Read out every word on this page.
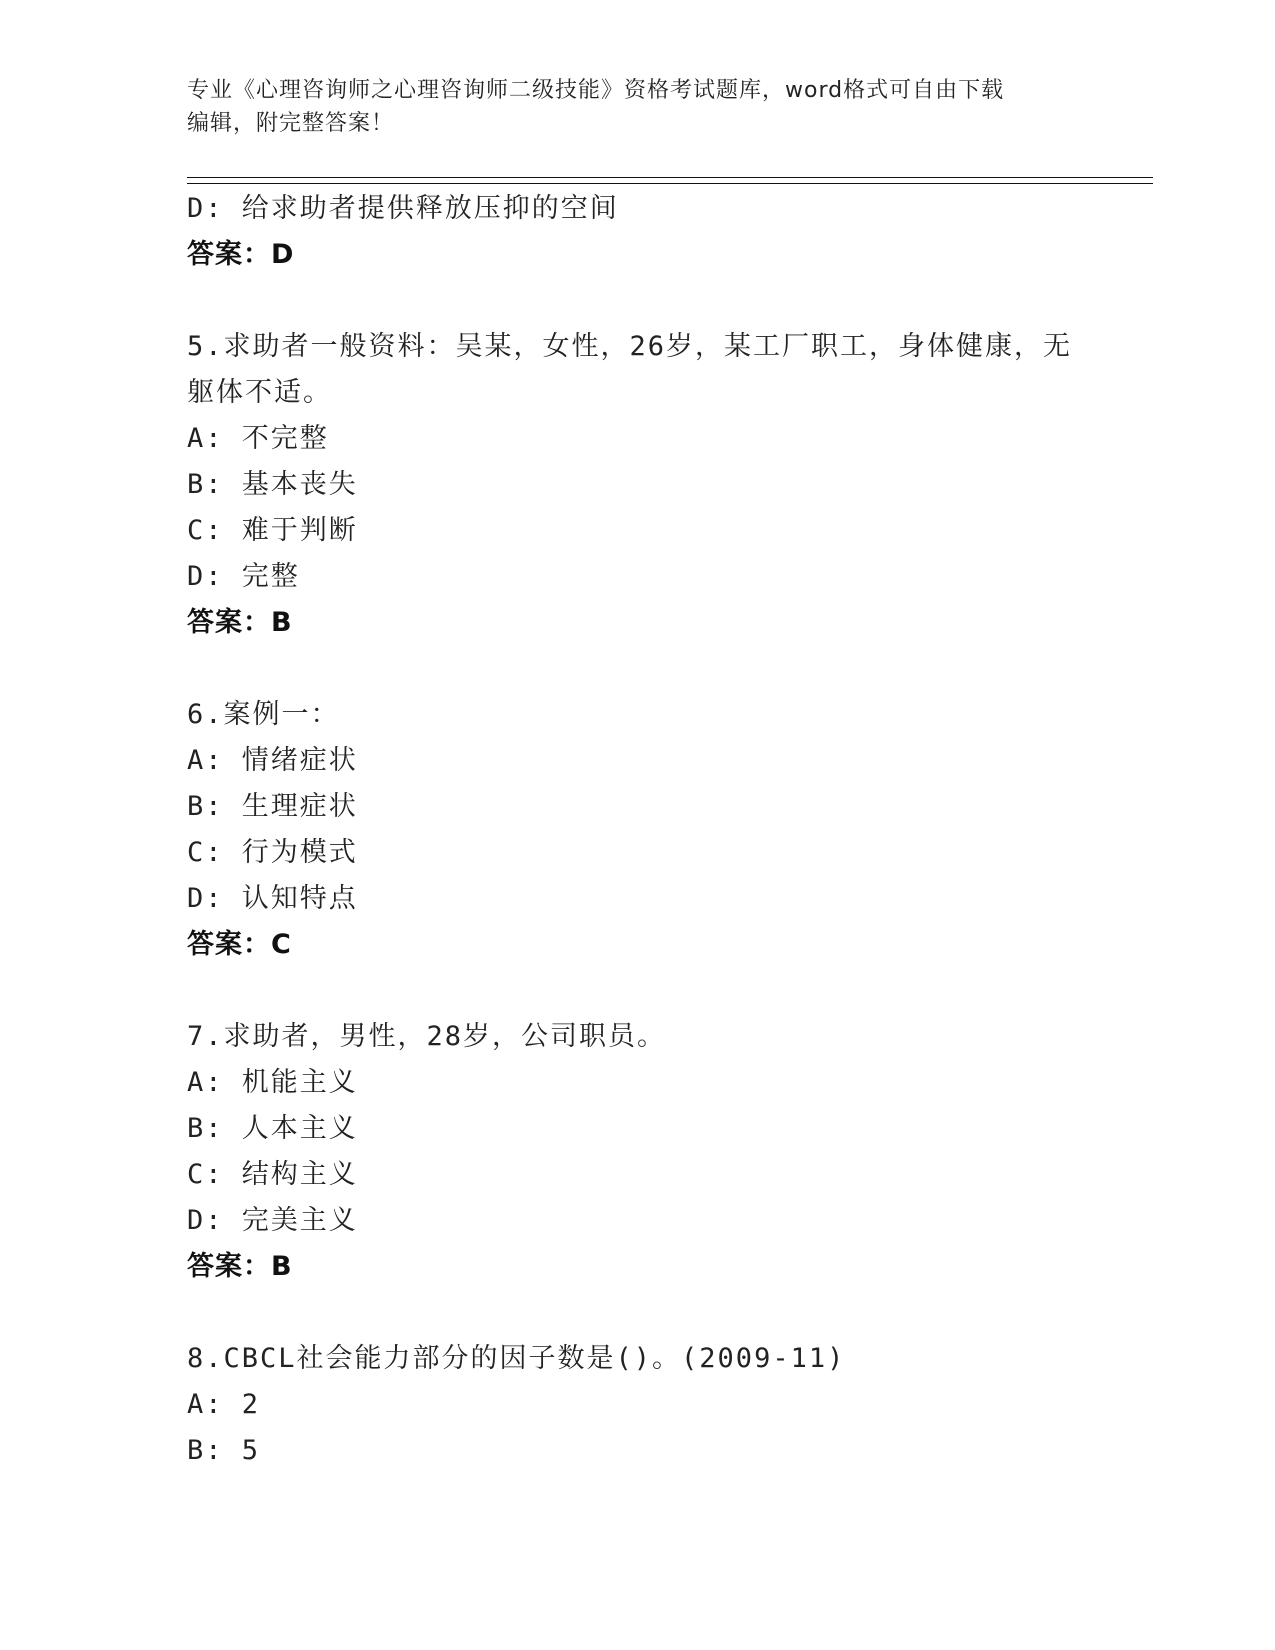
专业《心理咨询师之心理咨询师二级技能》资格考试题库，word格式可自由下载
编辑，附完整答案！
D: 给求助者提供释放压抑的空间
答案：D
5.求助者一般资料：吴某，女性，26岁，某工厂职工，身体健康，无
躯体不适。
A: 不完整
B: 基本丧失
C: 难于判断
D: 完整
答案：B
6.案例一：
A: 情绪症状
B: 生理症状
C: 行为模式
D: 认知特点
答案：C
7.求助者，男性，28岁，公司职员。
A: 机能主义
B: 人本主义
C: 结构主义
D: 完美主义
答案：B
8.CBCL社会能力部分的因子数是()。(2009-11)
A: 2
B: 5
